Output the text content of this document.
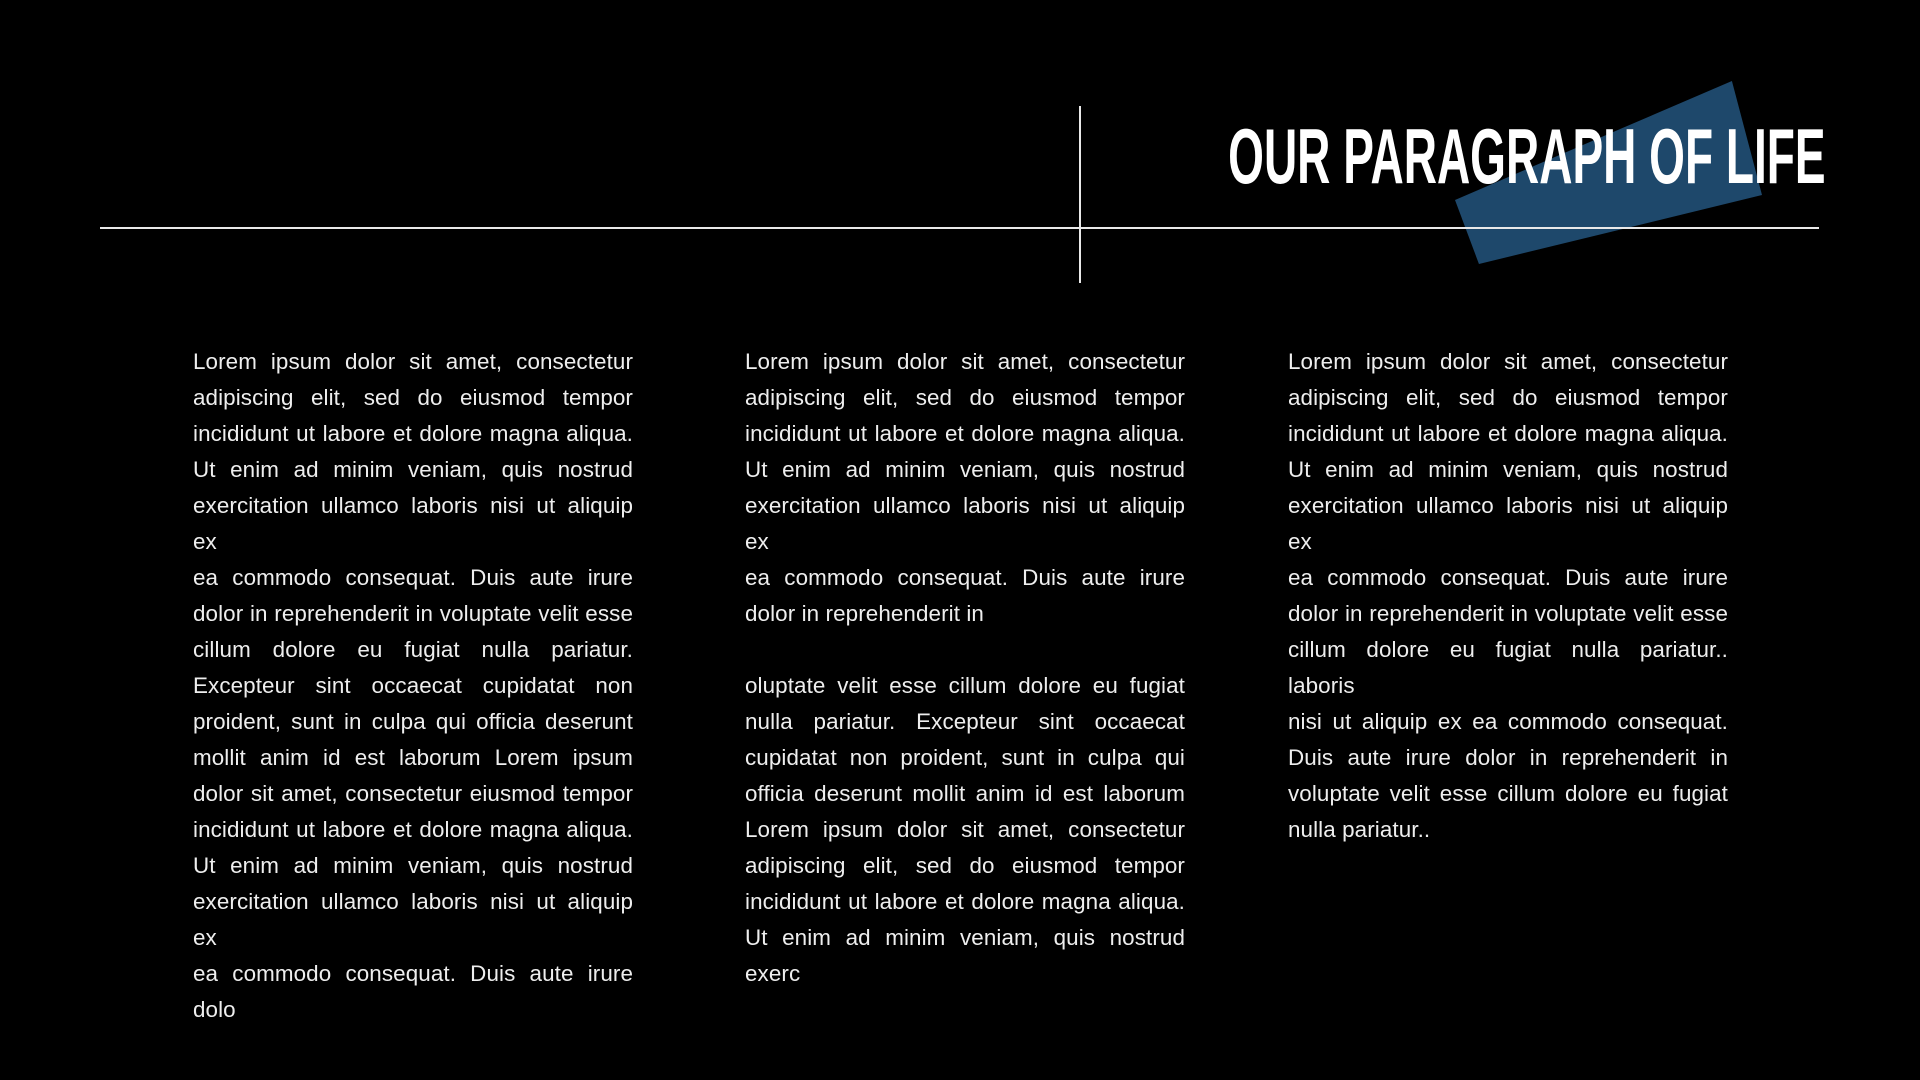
OUR PARAGRAPH OF LIFE
Lorem ipsum dolor sit amet, consectetur
adipiscing elit, sed do eiusmod tempor
incididunt ut labore et dolore magna aliqua.
Ut enim ad minim veniam, quis nostrud
exercitation ullamco laboris nisi ut aliquip ex
ea commodo consequat. Duis aute irure
dolor in reprehenderit in voluptate velit esse
cillum dolore eu fugiat nulla pariatur.
Excepteur sint occaecat cupidatat non
proident, sunt in culpa qui officia deserunt
mollit anim id est laborum Lorem ipsum
dolor sit amet, consectetur eiusmod tempor
incididunt ut labore et dolore magna aliqua.
Ut enim ad minim veniam, quis nostrud
exercitation ullamco laboris nisi ut aliquip ex
ea commodo consequat. Duis aute irure dolo
Lorem ipsum dolor sit amet, consectetur
adipiscing elit, sed do eiusmod tempor
incididunt ut labore et dolore magna aliqua.
Ut enim ad minim veniam, quis nostrud
exercitation ullamco laboris nisi ut aliquip ex
ea commodo consequat. Duis aute irure
dolor in reprehenderit in
oluptate velit esse cillum dolore eu fugiat
nulla pariatur. Excepteur sint occaecat
cupidatat non proident, sunt in culpa qui
officia deserunt mollit anim id est laborum
Lorem ipsum dolor sit amet, consectetur
adipiscing elit, sed do eiusmod tempor
incididunt ut labore et dolore magna aliqua.
Ut enim ad minim veniam, quis nostrud exerc
Lorem ipsum dolor sit amet, consectetur
adipiscing elit, sed do eiusmod tempor
incididunt ut labore et dolore magna aliqua.
Ut enim ad minim veniam, quis nostrud
exercitation ullamco laboris nisi ut aliquip ex
ea commodo consequat. Duis aute irure
dolor in reprehenderit in voluptate velit esse
cillum dolore eu fugiat nulla pariatur.. laboris
nisi ut aliquip ex ea commodo consequat.
Duis aute irure dolor in reprehenderit in
voluptate velit esse cillum dolore eu fugiat
nulla pariatur..
